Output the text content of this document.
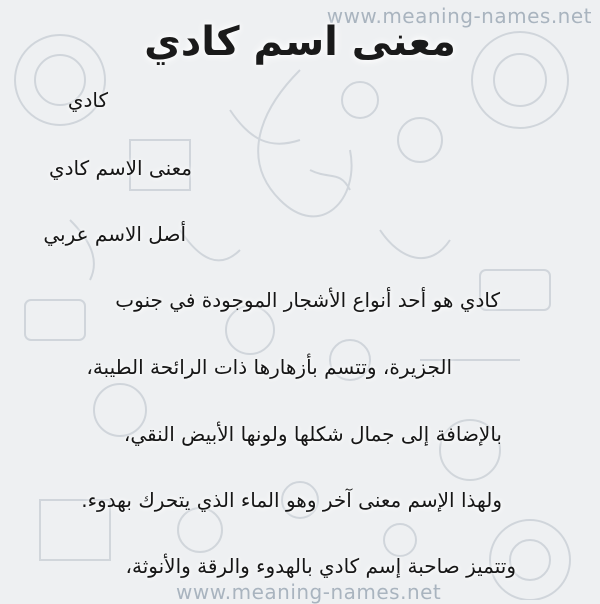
www.meaning-names.net
معنى اسم كادي

كادي

معنى الاسم كادي

أصل الاسم عربي

كادي هو أحد أنواع الأشجار الموجودة في جنوب

الجزيرة، وتتسم بأزهارها ذات الرائحة الطيبة،

بالإضافة إلى جمال شكلها ولونها الأبيض النقي،

ولهذا الإسم معنى آخر وهو الماء الذي يتحرك بهدوء.

وتتميز صاحبة إسم كادي بالهدوء والرقة والأنوثة،

www.meaning-names.net
